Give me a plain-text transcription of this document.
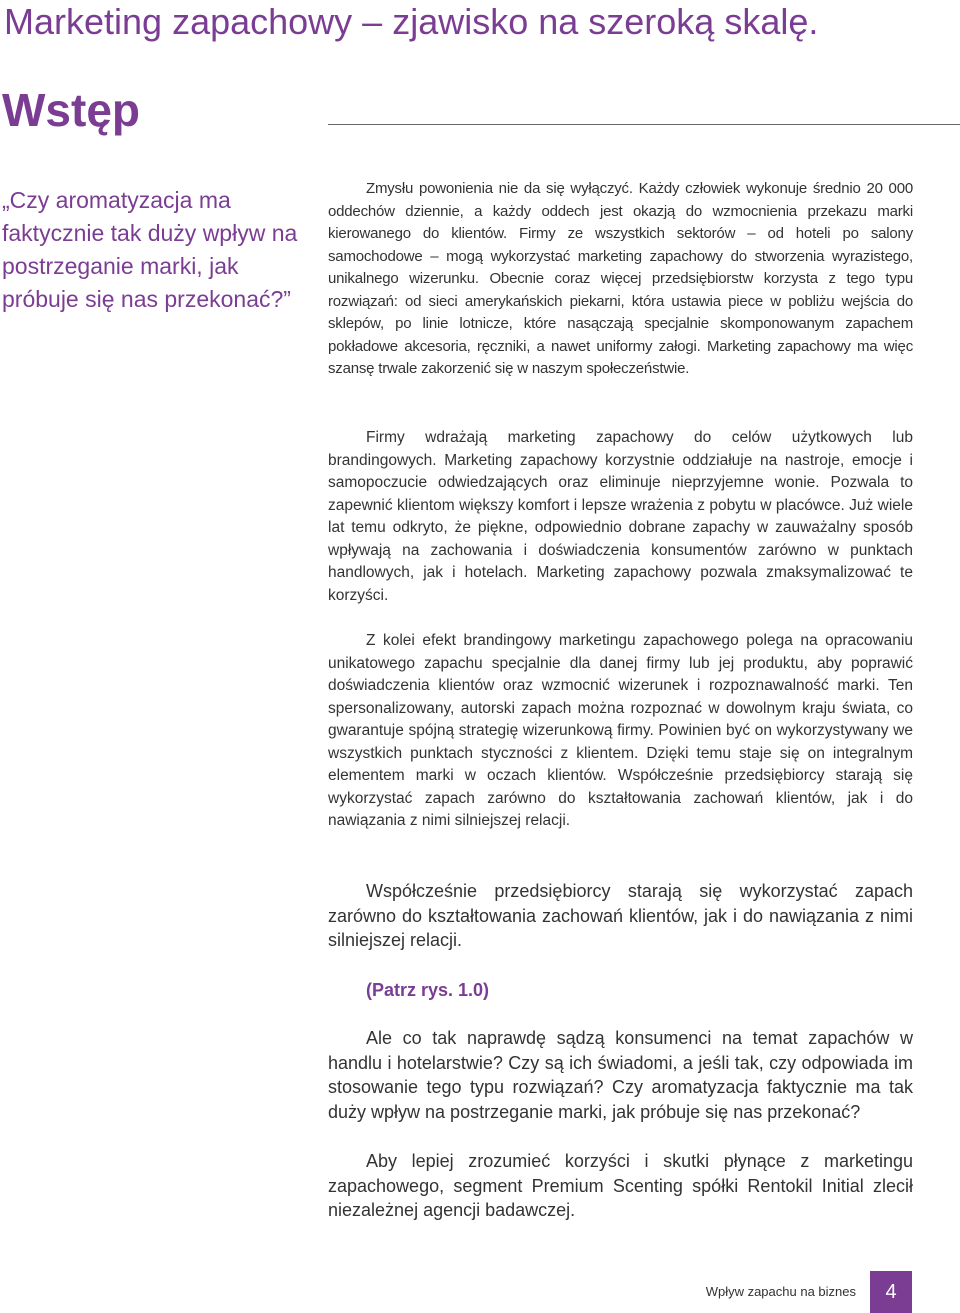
Marketing zapachowy – zjawisko na szeroką skalę.
Wstęp

„Czy aromatyzacja ma faktycznie tak duży wpływ na postrzeganie marki, jak próbuje się nas przekonać?”

Zmysłu powonienia nie da się wyłączyć. Każdy człowiek wykonuje średnio 20 000 oddechów dziennie, a każdy oddech jest okazją do wzmocnienia przekazu marki kierowanego do klientów. Firmy ze wszystkich sektorów – od hoteli po salony samochodowe – mogą wykorzystać marketing zapachowy do stworzenia wyrazistego, unikalnego wizerunku. Obecnie coraz więcej przedsiębiorstw korzysta z tego typu rozwiązań: od sieci amerykańskich piekarni, która ustawia piece w pobliżu wejścia do sklepów, po linie lotnicze, które nasączają specjalnie skomponowanym zapachem pokładowe akcesoria, ręczniki, a nawet uniformy załogi. Marketing zapachowy ma więc szansę trwale zakorzenić się w naszym społeczeństwie.

Firmy wdrażają marketing zapachowy do celów użytkowych lub brandingowych. Marketing zapachowy korzystnie oddziałuje na nastroje, emocje i samopoczucie odwiedzających oraz eliminuje nieprzyjemne wonie. Pozwala to zapewnić klientom większy komfort i lepsze wrażenia z pobytu w placówce. Już wiele lat temu odkryto, że piękne, odpowiednio dobrane zapachy w zauważalny sposób wpływają na zachowania i doświadczenia konsumentów zarówno w punktach handlowych, jak i hotelach. Marketing zapachowy pozwala zmaksymalizować te korzyści.

Z kolei efekt brandingowy marketingu zapachowego polega na opracowaniu unikatowego zapachu specjalnie dla danej firmy lub jej produktu, aby poprawić doświadczenia klientów oraz wzmocnić wizerunek i rozpoznawalność marki. Ten spersonalizowany, autorski zapach można rozpoznać w dowolnym kraju świata, co gwarantuje spójną strategię wizerunkową firmy. Powinien być on wykorzystywany we wszystkich punktach styczności z klientem. Dzięki temu staje się on integralnym elementem marki w oczach klientów. Współcześnie przedsiębiorcy starają się wykorzystać zapach zarówno do kształtowania zachowań klientów, jak i do nawiązania z nimi silniejszej relacji.

Współcześnie przedsiębiorcy starają się wykorzystać zapach zarówno do kształtowania zachowań klientów, jak i do nawiązania z nimi silniejszej relacji.

(Patrz rys. 1.0)

Ale co tak naprawdę sądzą konsumenci na temat zapachów w handlu i hotelarstwie? Czy są ich świadomi, a jeśli tak, czy odpowiada im stosowanie tego typu rozwiązań? Czy aromatyzacja faktycznie ma tak duży wpływ na postrzeganie marki, jak próbuje się nas przekonać?

Aby lepiej zrozumieć korzyści i skutki płynące z marketingu zapachowego, segment Premium Scenting spółki Rentokil Initial zlecił niezależnej agencji badawczej.

Wpływ zapachu na biznes 4
